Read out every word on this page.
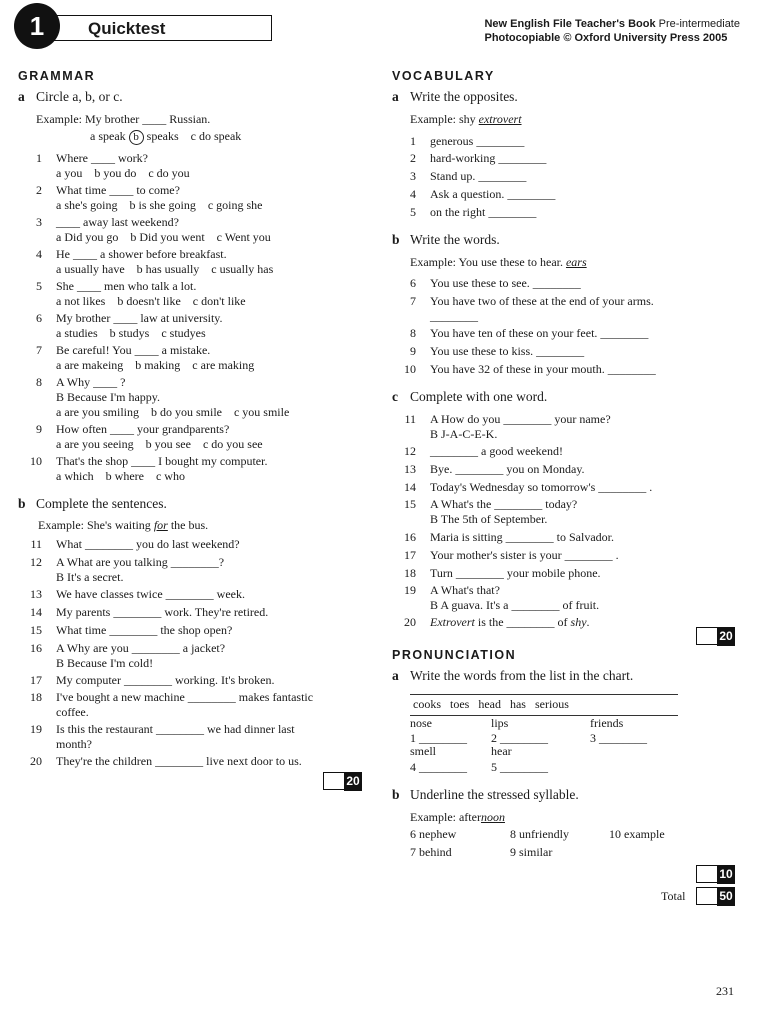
Quicktest
1	New English File Teacher's Book Pre-intermediate
Photocopiable © Oxford University Press 2005
GRAMMAR
a Circle a, b, or c.
Example: My brother ____ Russian.
a speak b speaks    c do speak
1 Where ____ work?
a you    b you do    c do you
2 What time ____ to come?
a she's going    b is she going    c going she
3 ____ away last weekend?
a Did you go    b Did you went    c Went you
4 He ____ a shower before breakfast.
a usually have    b has usually    c usually has
5 She ____ men who talk a lot.
a not likes    b doesn't like    c don't like
6 My brother ____ law at university.
a studies    b studys    c studyes
7 Be careful! You ____ a mistake.
a are makeing    b making    c are making
8 A Why ____ ?
B Because I'm happy.
a are you smiling    b do you smile    c you smile
9 How often ____ your grandparents?
a are you seeing    b you see    c do you see
10 That's the shop ____ I bought my computer.
a which    b where    c who
b Complete the sentences.
Example: She's waiting for the bus.
11 What ________ you do last weekend?
12 A What are you talking ________?
B It's a secret.
13 We have classes twice ________ week.
14 My parents ________ work. They're retired.
15 What time ________ the shop open?
16 A Why are you ________ a jacket?
B Because I'm cold!
17 My computer ________ working. It's broken.
18 I've bought a new machine ________ makes fantastic
coffee.
19 Is this the restaurant ________ we had dinner last
month?
20 They're the children ________ live next door to us.
20
VOCABULARY
a Write the opposites.
Example: shy extrovert
1 generous ________
2 hard-working ________
3 Stand up. ________
4 Ask a question. ________
5 on the right ________
b Write the words.
Example: You use these to hear. ears
6 You use these to see. ________
7 You have two of these at the end of your arms.
________
8 You have ten of these on your feet. ________
9 You use these to kiss. ________
10 You have 32 of these in your mouth. ________
c Complete with one word.
11 A How do you ________ your name?
B J-A-C-E-K.
12 ________ a good weekend!
13 Bye. ________ you on Monday.
14 Today's Wednesday so tomorrow's ________ .
15 A What's the ________ today?
B The 5th of September.
16 Maria is sitting ________ to Salvador.
17 Your mother's sister is your ________ .
18 Turn ________ your mobile phone.
19 A What's that?
B A guava. It's a ________ of fruit.
20 Extrovert is the ________ of shy.
20
PRONUNCIATION
a Write the words from the list in the chart.
cooks   toes   head   has   serious
nose	lips	friends
1 ________ 2 ________	3 ________
smell	hear
4 ________ 5 ________
b Underline the stressed syllable.
Example: afternoon
6 nephew	8 unfriendly	10 example
7 behind	9 similar
10
Total	50
231
